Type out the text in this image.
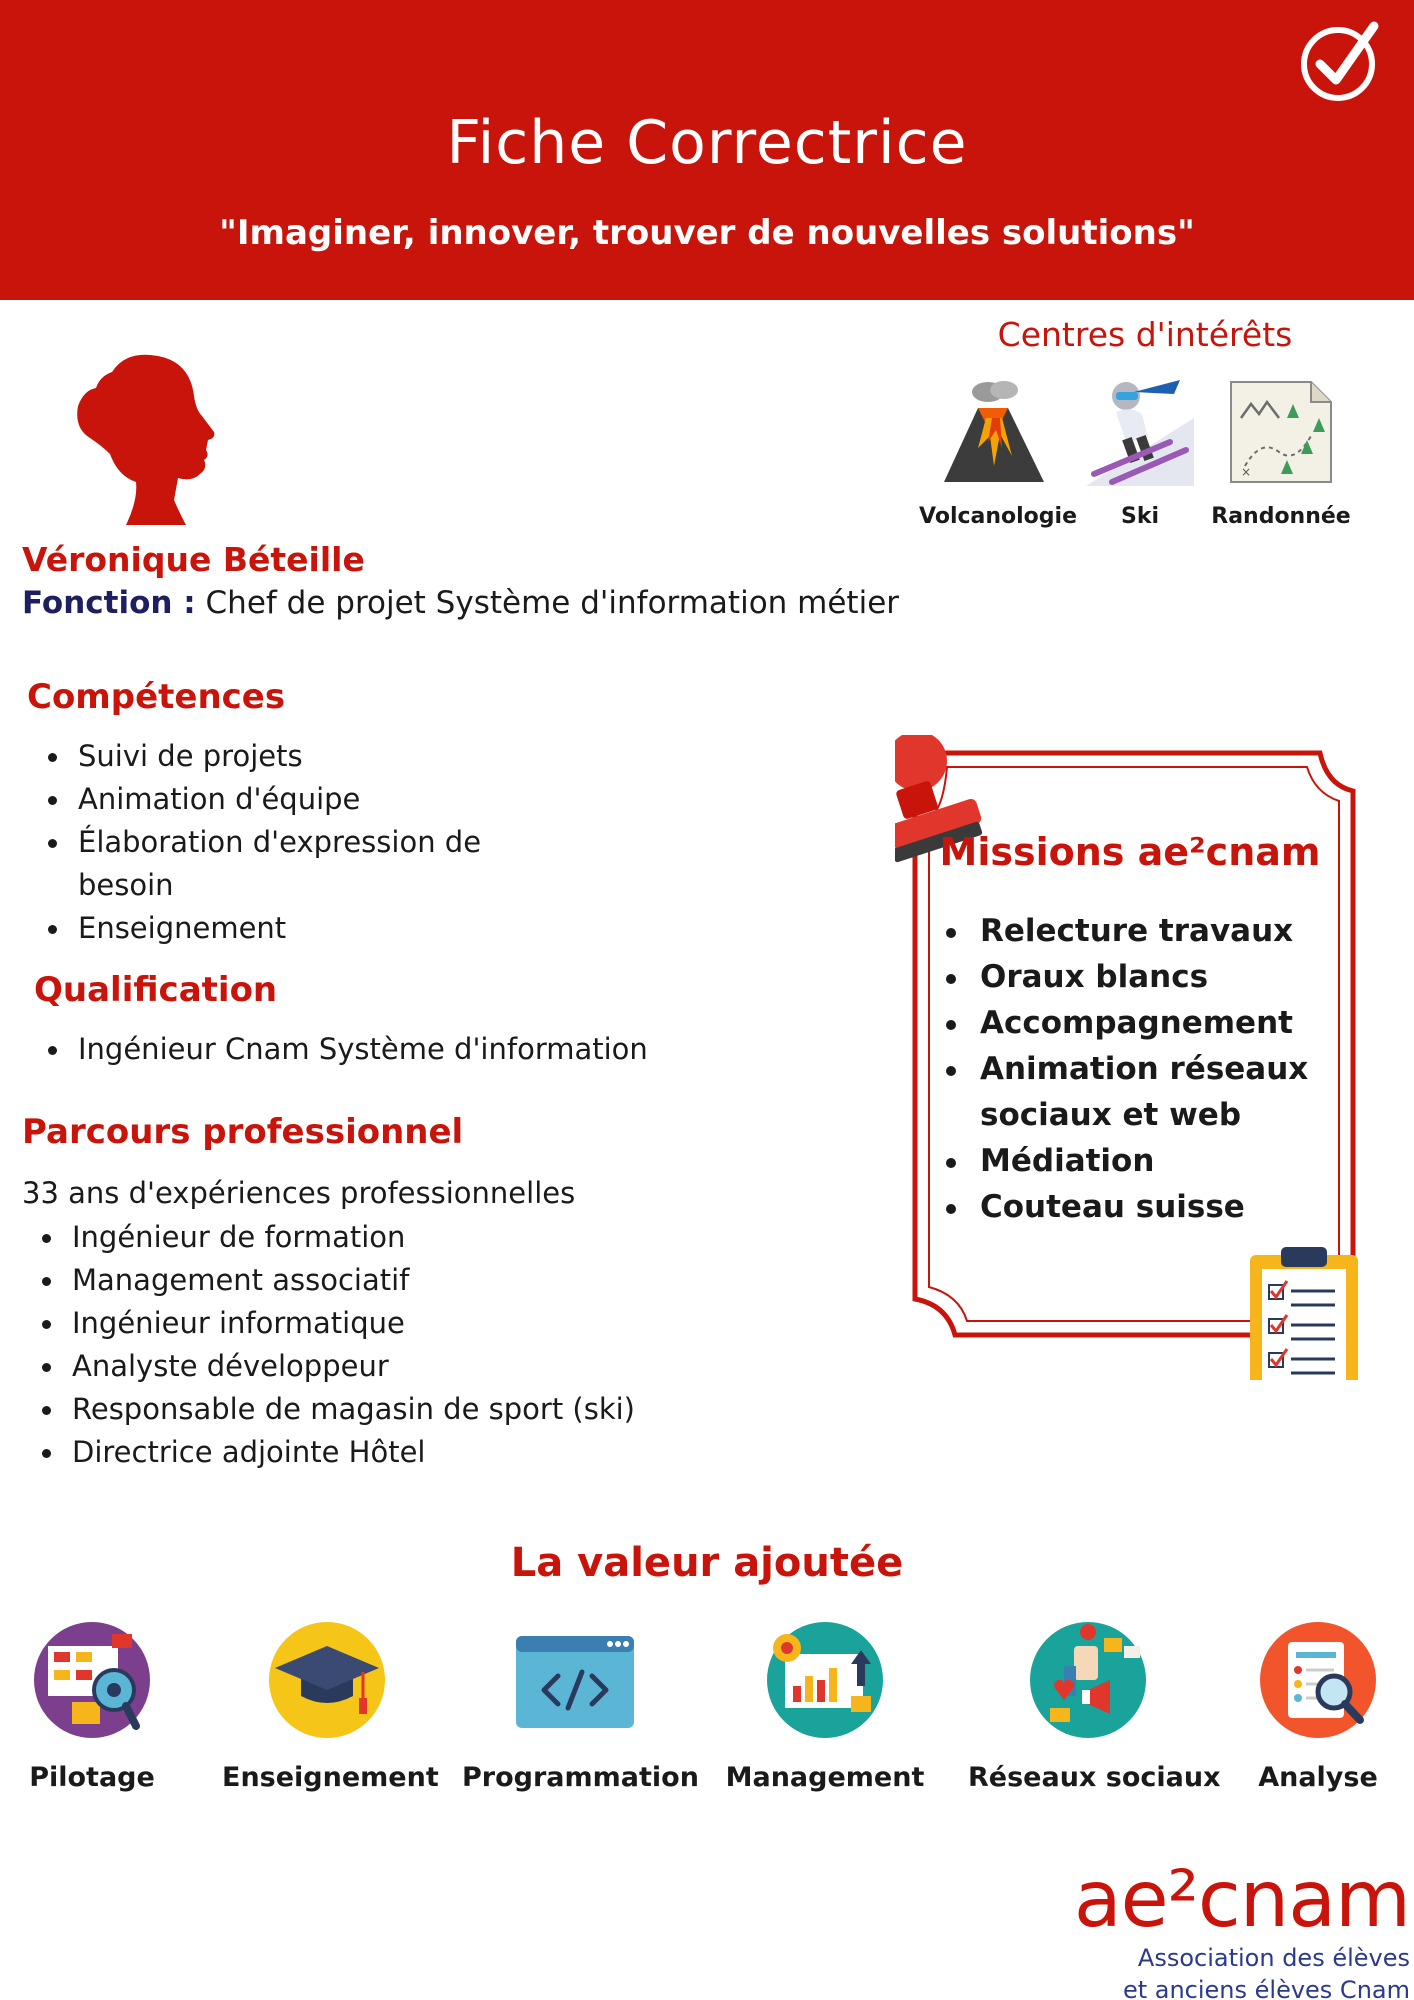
Fiche Correctrice
"Imaginer, innover, trouver de nouvelles solutions"
Centres d'intérêts
Volcanologie	Ski
×
Randonnée
Véronique Béteille
Fonction : Chef de projet Système d'information métier
Compétences
Suivi de projets
Animation d'équipe
Élaboration d'expression de
besoin
Enseignement
Qualification
Ingénieur Cnam Système d'information
Parcours professionnel
33 ans d'expériences professionnelles
Ingénieur de formation
Management associatif
Ingénieur informatique
Analyste développeur
Responsable de magasin de sport (ski)
Directrice adjointe Hôtel
Missions ae²cnam
Relecture travaux
Oraux blancs
Accompagnement
Animation réseaux
sociaux et web
Médiation
Couteau suisse
La valeur ajoutée
Pilotage Enseignement Programmation Management Réseaux sociaux	Analyse
ae²cnam
Association des élèves
et anciens élèves Cnam
